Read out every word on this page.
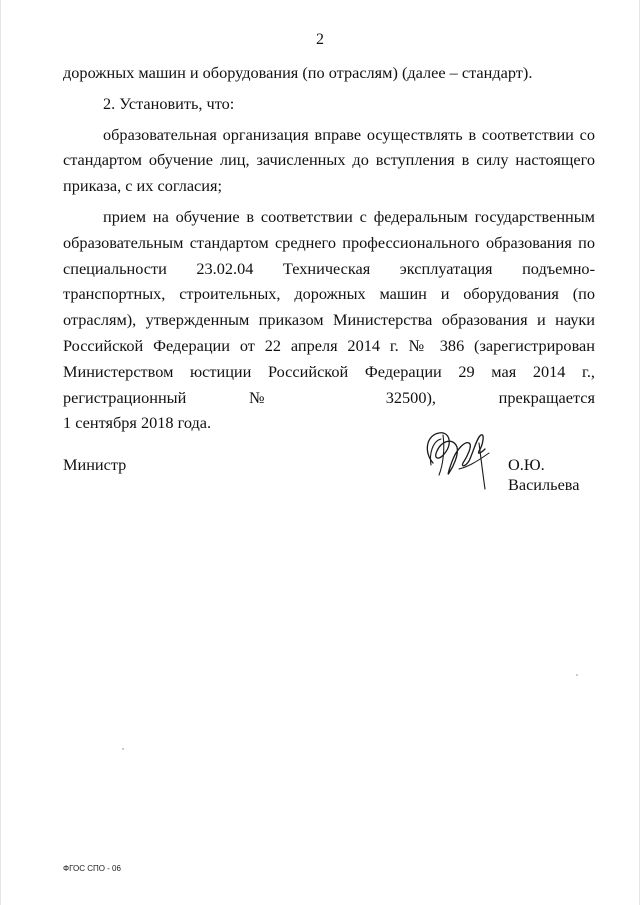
2

дорожных машин и оборудования (по отраслям) (далее – стандарт).

2. Установить, что:

образовательная организация вправе осуществлять в соответствии со стандартом обучение лиц, зачисленных до вступления в силу настоящего приказа, с их согласия;

прием на обучение в соответствии с федеральным государственным образовательным стандартом среднего профессионального образования по специальности 23.02.04 Техническая эксплуатация подъемно-транспортных, строительных, дорожных машин и оборудования (по отраслям), утвержденным приказом Министерства образования и науки Российской Федерации от 22 апреля 2014 г. № 386 (зарегистрирован Министерством юстиции Российской Федерации 29 мая 2014 г., регистрационный № 32500), прекращается

1 сентября 2018 года.

Министр	О.Ю. Васильева
ФГОС СПО - 06
